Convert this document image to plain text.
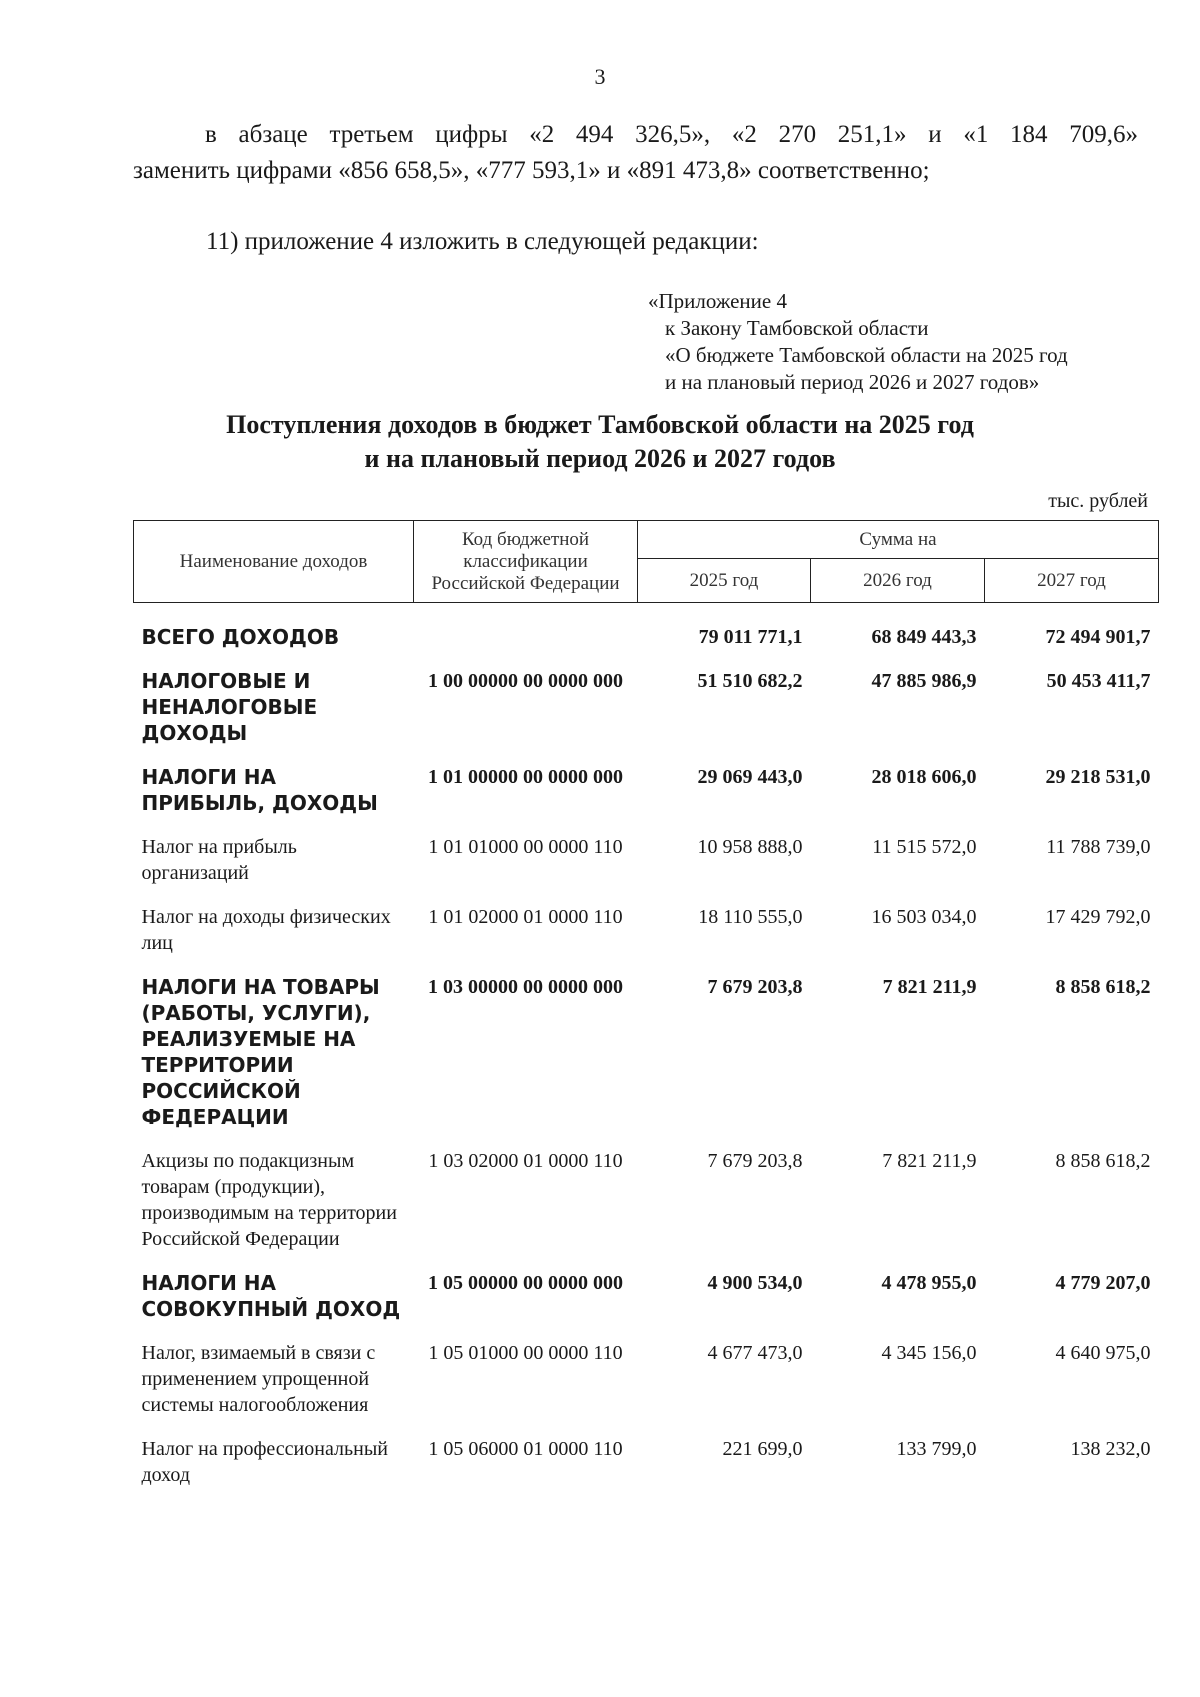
3
в абзаце третьем цифры «2 494 326,5», «2 270 251,1» и «1 184 709,6»
заменить цифрами «856 658,5», «777 593,1» и «891 473,8» соответственно;
11) приложение 4 изложить в следующей редакции:
«Приложение 4
к Закону Тамбовской области
«О бюджете Тамбовской области на 2025 год
и на плановый период 2026 и 2027 годов»
Поступления доходов в бюджет Тамбовской области на 2025 год
и на плановый период 2026 и 2027 годов
тыс. рублей
Наименование доходов	Код бюджетной классификации Российской Федерации	Сумма на		
		2025 год	2026 год	2027 год

ВСЕГО ДОХОДОВ		79 011 771,1	68 849 443,3	72 494 901,7
НАЛОГОВЫЕ И НЕНАЛОГОВЫЕ ДОХОДЫ	1 00 00000 00 0000 000	51 510 682,2	47 885 986,9	50 453 411,7
НАЛОГИ НА ПРИБЫЛЬ, ДОХОДЫ	1 01 00000 00 0000 000	29 069 443,0	28 018 606,0	29 218 531,0
Налог на прибыль организаций	1 01 01000 00 0000 110	10 958 888,0	11 515 572,0	11 788 739,0
Налог на доходы физических лиц	1 01 02000 01 0000 110	18 110 555,0	16 503 034,0	17 429 792,0
НАЛОГИ НА ТОВАРЫ (РАБОТЫ, УСЛУГИ), РЕАЛИЗУЕМЫЕ НА ТЕРРИТОРИИ РОССИЙСКОЙ ФЕДЕРАЦИИ	1 03 00000 00 0000 000	7 679 203,8	7 821 211,9	8 858 618,2
Акцизы по подакцизным товарам (продукции), производимым на территории Российской Федерации	1 03 02000 01 0000 110	7 679 203,8	7 821 211,9	8 858 618,2
НАЛОГИ НА СОВОКУПНЫЙ ДОХОД	1 05 00000 00 0000 000	4 900 534,0	4 478 955,0	4 779 207,0
Налог, взимаемый в связи с применением упрощенной системы налогообложения	1 05 01000 00 0000 110	4 677 473,0	4 345 156,0	4 640 975,0
Налог на профессиональный доход	1 05 06000 01 0000 110	221 699,0	133 799,0	138 232,0
